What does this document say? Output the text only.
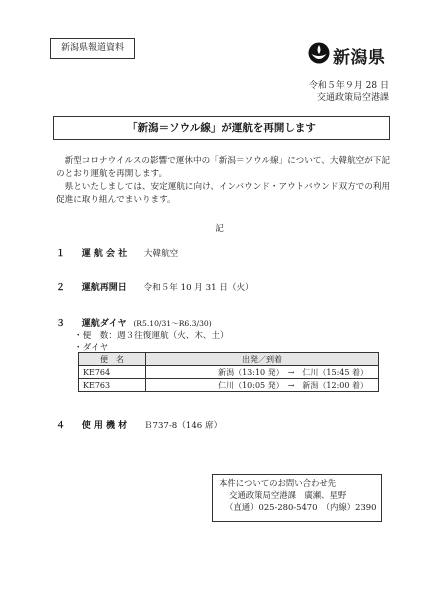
新潟県報道資料	新潟県
令和５年９月 28 日
交通政策局空港課
「新潟＝ソウル線」が運航を再開します

新型コロナウイルスの影響で運休中の「新潟＝ソウル線」について、大韓航空が下記のとおり運航を再開します。

県といたしましては、安定運航に向け、インバウンド・アウトバウンド双方での利用促進に取り組んでまいります。

記
１ 運 航 会 社 大韓航空
２ 運航再開日 令和５年 10 月 31 日（火）
３ 運航ダイヤ (R5.10/31～R6.3/30)
・便　数：週３往復運航（火、木、土）
・ダイヤ
便　名	出発／到着
KE764	新潟（13:10 発）　→　仁川（15:45 着）
KE763	仁川（10:05 発）　→　新潟（12:00 着）
４ 使 用 機 材 Ｂ737-8（146 席）
本件についてのお問い合わせ先
交通政策局空港課　廣瀬、星野
（直通）025-280-5470　（内線）2390
